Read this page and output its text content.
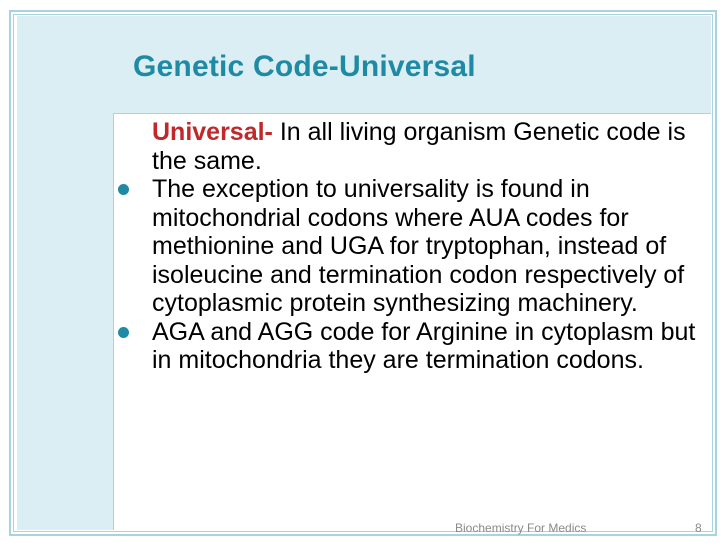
Genetic Code-Universal

Universal- In all living organism Genetic code is the same.

The exception to universality is found in mitochondrial codons where AUA codes for methionine and UGA for tryptophan, instead of isoleucine and termination codon respectively of cytoplasmic protein synthesizing machinery.

AGA and AGG code for Arginine in cytoplasm but in mitochondria they are termination codons.

Biochemistry For Medics	8
